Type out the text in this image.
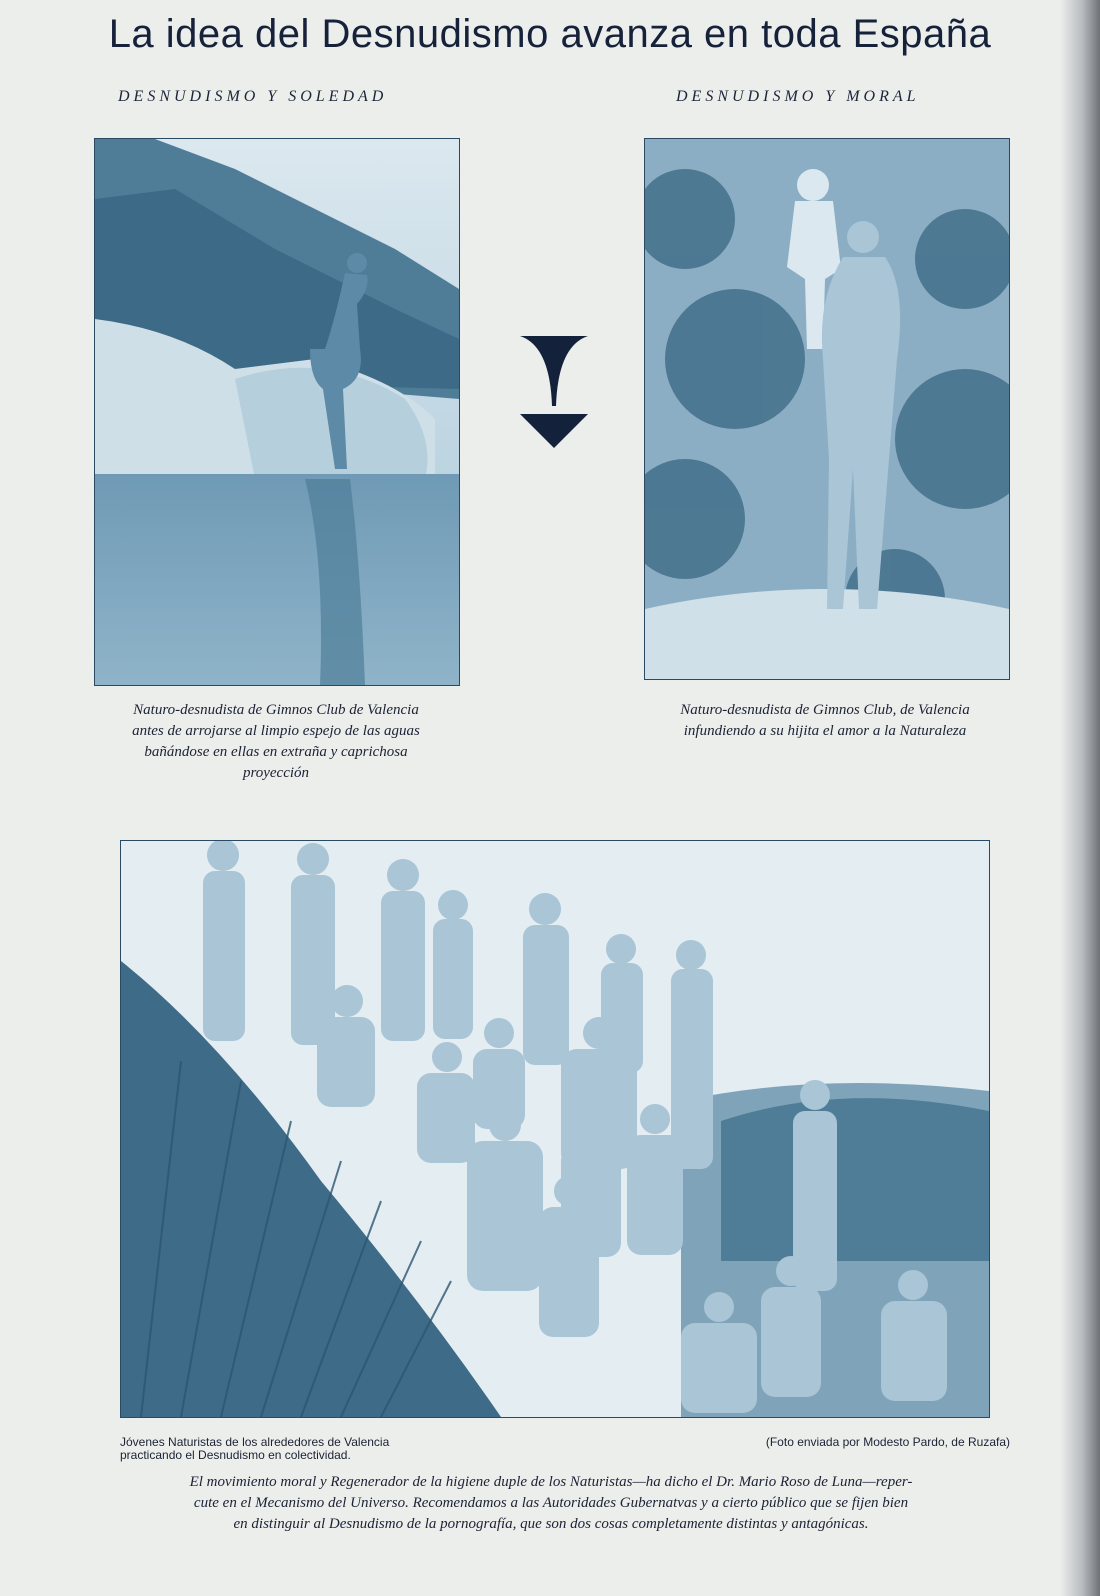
La idea del Desnudismo avanza en toda España
DESNUDISMO Y SOLEDAD	DESNUDISMO Y MORAL
Naturo-desnudista de Gimnos Club de Valencia
antes de arrojarse al limpio espejo de las aguas
bañándose en ellas en extraña y caprichosa
proyección
Naturo-desnudista de Gimnos Club, de Valencia
infundiendo a su hijita el amor a la Naturaleza
Jóvenes Naturistas de los alrededores de Valencia
practicando el Desnudismo en colectividad.
(Foto enviada por Modesto Pardo, de Ruzafa)
El movimiento moral y Regenerador de la higiene duple de los Naturistas—ha dicho el Dr. Mario Roso de Luna—reper-
cute en el Mecanismo del Universo. Recomendamos a las Autoridades Gubernatvas y a cierto público que se fijen bien
en distinguir al Desnudismo de la pornografía, que son dos cosas completamente distintas y antagónicas.
